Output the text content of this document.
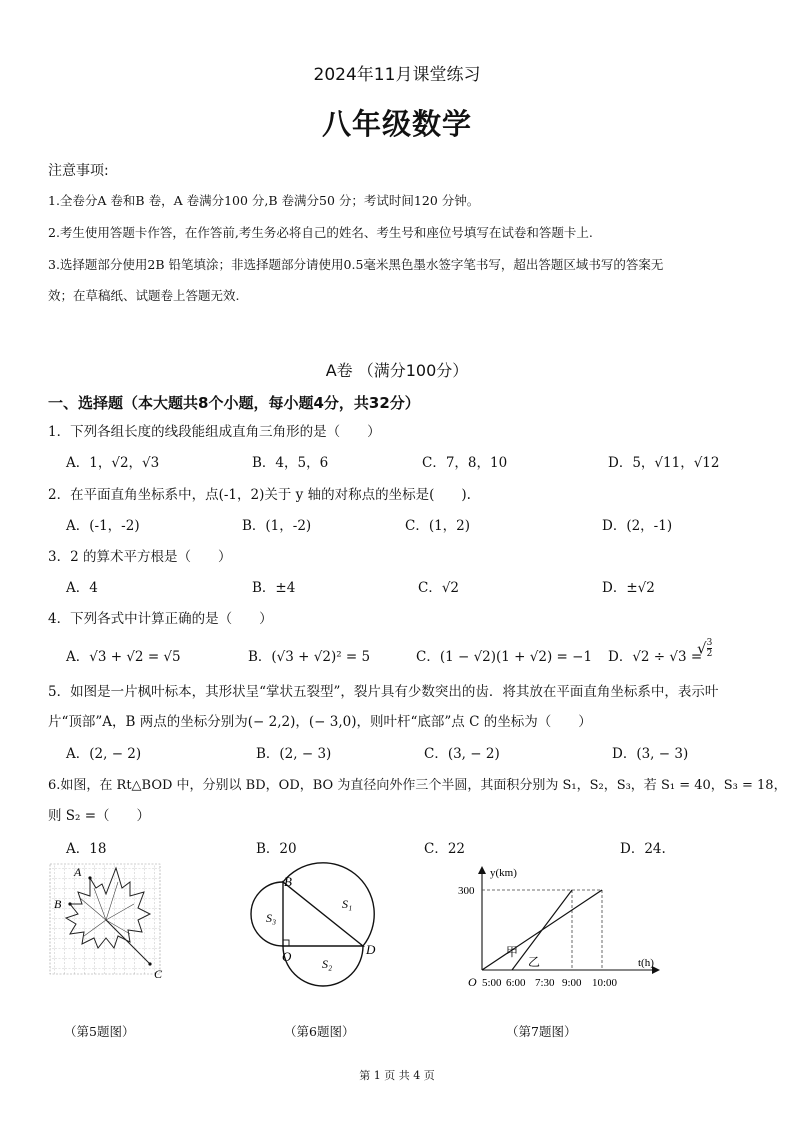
2024年11月课堂练习
八年级数学
注意事项:
1.全卷分A 卷和B 卷，A 卷满分100 分,B 卷满分50 分；考试时间120 分钟。
2.考生使用答题卡作答，在作答前,考生务必将自己的姓名、考生号和座位号填写在试卷和答题卡上.
3.选择题部分使用2B 铅笔填涂；非选择题部分请使用0.5毫米黑色墨水签字笔书写，超出答题区域书写的答案无
效；在草稿纸、试题卷上答题无效.
A卷 （满分100分）
一、选择题（本大题共8个小题，每小题4分，共32分）
1．下列各组长度的线段能组成直角三角形的是（　　）
A．1，√2，√3	B．4，5，6	C．7，8，10	D．5，√11，√12
2．在平面直角坐标系中，点(-1，2)关于 y 轴的对称点的坐标是(　　).
A．(-1，-2)	B．(1，-2)	C．(1，2)	D．(2，-1)
3．2 的算术平方根是（　　）
A．4	B．±4	C．√2	D．±√2
4．下列各式中计算正确的是（　　）
A．√3 + √2 = √5	B．(√3 + √2)² = 5	C．(1 − √2)(1 + √2) = −1 D．√2 ÷ √3 =
√ $\frac{3}{2}$
5．如图是一片枫叶标本，其形状呈“掌状五裂型”，裂片具有少数突出的齿．将其放在平面直角坐标系中，表示叶
片“顶部”A，B 两点的坐标分别为(− 2,2)，(− 3,0)，则叶杆“底部”点 C 的坐标为（　　）
A．(2, − 2)	B．(2, − 3)	C．(3, − 2)	D．(3, − 3)
6.如图，在 Rt△BOD 中，分别以 BD，OD，BO 为直径向外作三个半圆，其面积分别为 S₁，S₂，S₃，若 S₁ = 40，S₃ = 18，
则 S₂ =（　　）
A．18	B．20	C．22	D．24.
A
B
C
B
O	D
S₁
S₂
S₃
y(km)
300
t(h)
O 5:00 6:00 7:30 9:00 10:00
甲
乙
（第5题图）	（第6题图）	（第7题图）
第 1 页 共 4 页
